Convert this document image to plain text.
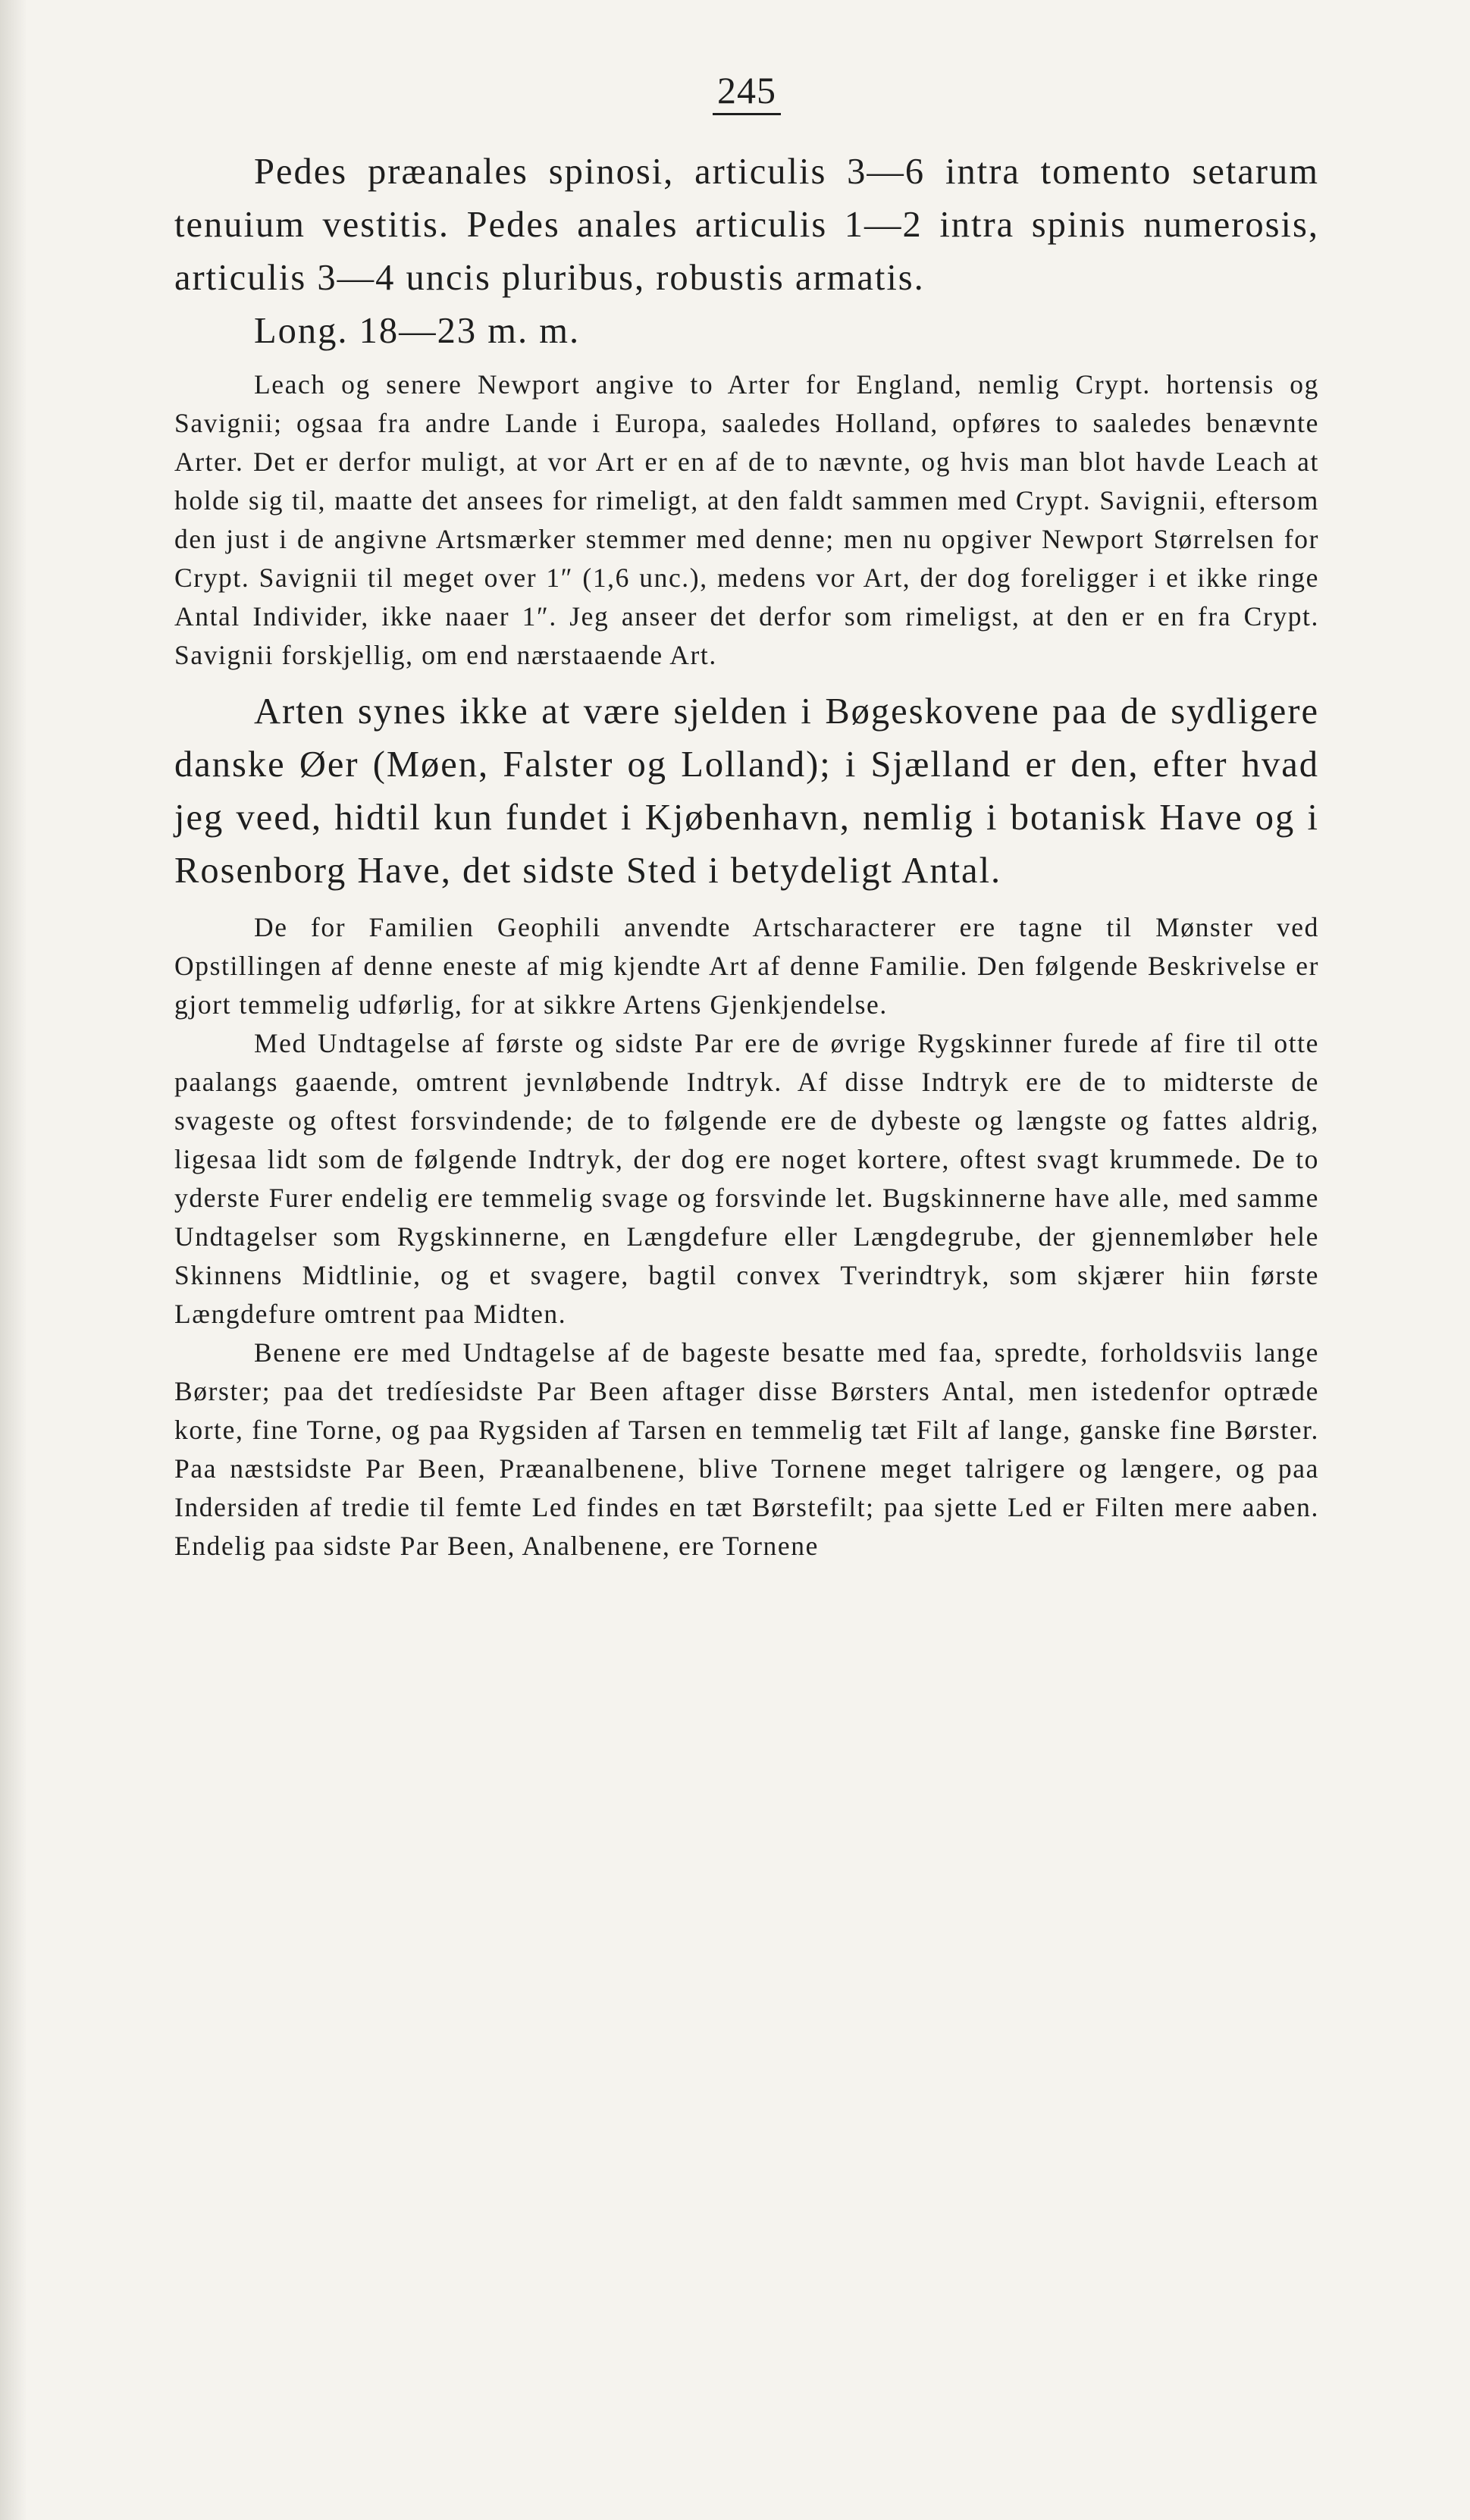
245

Pedes præanales spinosi, articulis 3—6 intra tomento setarum tenuium vestitis. Pedes anales articulis 1—2 intra spinis numerosis, articulis 3—4 uncis pluribus, robustis armatis.

Long. 18—23 m. m.

Leach og senere Newport angive to Arter for England, nemlig Crypt. hortensis og Savignii; ogsaa fra andre Lande i Europa, saaledes Holland, opføres to saaledes benævnte Arter. Det er derfor muligt, at vor Art er en af de to nævnte, og hvis man blot havde Leach at holde sig til, maatte det ansees for rimeligt, at den faldt sammen med Crypt. Savignii, eftersom den just i de angivne Artsmærker stemmer med denne; men nu opgiver Newport Størrelsen for Crypt. Savignii til meget over 1″ (1,6 unc.), medens vor Art, der dog foreligger i et ikke ringe Antal Individer, ikke naaer 1″. Jeg anseer det derfor som rimeligst, at den er en fra Crypt. Savignii forskjellig, om end nærstaaende Art.

Arten synes ikke at være sjelden i Bøgeskovene paa de sydligere danske Øer (Møen, Falster og Lolland); i Sjælland er den, efter hvad jeg veed, hidtil kun fundet i Kjøbenhavn, nemlig i botanisk Have og i Rosenborg Have, det sidste Sted i betydeligt Antal.

De for Familien Geophili anvendte Artscharacterer ere tagne til Mønster ved Opstillingen af denne eneste af mig kjendte Art af denne Familie. Den følgende Beskrivelse er gjort temmelig udførlig, for at sikkre Artens Gjenkjendelse.

Med Undtagelse af første og sidste Par ere de øvrige Rygskinner furede af fire til otte paalangs gaaende, omtrent jevnløbende Indtryk. Af disse Indtryk ere de to midterste de svageste og oftest forsvindende; de to følgende ere de dybeste og længste og fattes aldrig, ligesaa lidt som de følgende Indtryk, der dog ere noget kortere, oftest svagt krummede. De to yderste Furer endelig ere temmelig svage og forsvinde let. Bugskinnerne have alle, med samme Undtagelser som Rygskinnerne, en Længdefure eller Længdegrube, der gjennemløber hele Skinnens Midtlinie, og et svagere, bagtil convex Tverindtryk, som skjærer hiin første Længdefure omtrent paa Midten.

Benene ere med Undtagelse af de bageste besatte med faa, spredte, forholdsviis lange Børster; paa det tredíesidste Par Been aftager disse Børsters Antal, men istedenfor optræde korte, fine Torne, og paa Rygsiden af Tarsen en temmelig tæt Filt af lange, ganske fine Børster. Paa næstsidste Par Been, Præanalbenene, blive Tornene meget talrigere og længere, og paa Indersiden af tredie til femte Led findes en tæt Børstefilt; paa sjette Led er Filten mere aaben. Endelig paa sidste Par Been, Analbenene, ere Tornene
